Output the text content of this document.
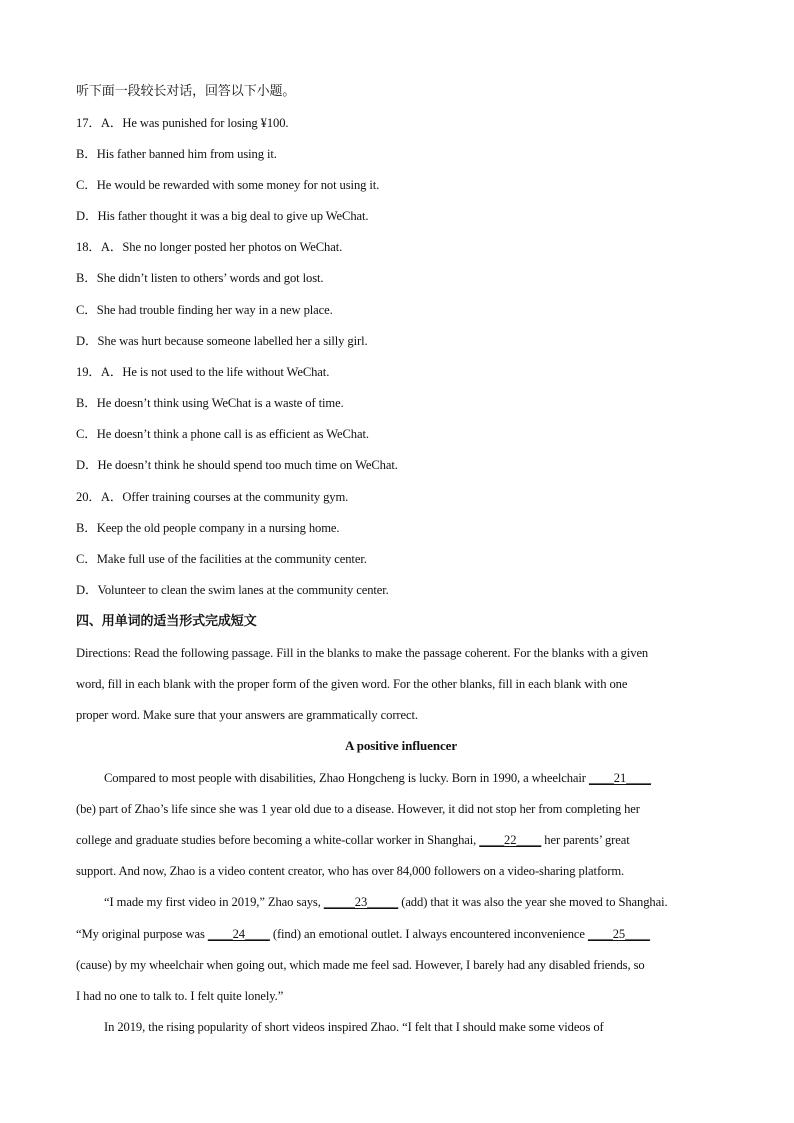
听下面一段较长对话，回答以下小题。
17．A．He was punished for losing ¥100.
B．His father banned him from using it.
C．He would be rewarded with some money for not using it.
D．His father thought it was a big deal to give up WeChat.
18．A．She no longer posted her photos on WeChat.
B．She didn’t listen to others’ words and got lost.
C．She had trouble finding her way in a new place.
D．She was hurt because someone labelled her a silly girl.
19．A．He is not used to the life without WeChat.
B．He doesn’t think using WeChat is a waste of time.
C．He doesn’t think a phone call is as efficient as WeChat.
D．He doesn’t think he should spend too much time on WeChat.
20．A．Offer training courses at the community gym.
B．Keep the old people company in a nursing home.
C．Make full use of the facilities at the community center.
D．Volunteer to clean the swim lanes at the community center.
四、用单词的适当形式完成短文
Directions: Read the following passage. Fill in the blanks to make the passage coherent. For the blanks with a given
word, fill in each blank with the proper form of the given word. For the other blanks, fill in each blank with one
proper word. Make sure that your answers are grammatically correct.
A positive influencer
Compared to most people with disabilities, Zhao Hongcheng is lucky. Born in 1990, a wheelchair ____21____
(be) part of Zhao’s life since she was 1 year old due to a disease. However, it did not stop her from completing her
college and graduate studies before becoming a white-collar worker in Shanghai, ____22____ her parents’ great
support. And now, Zhao is a video content creator, who has over 84,000 followers on a video-sharing platform.
“I made my first video in 2019,” Zhao says, _____23_____ (add) that it was also the year she moved to Shanghai.
“My original purpose was ____24____ (find) an emotional outlet. I always encountered inconvenience ____25____
(cause) by my wheelchair when going out, which made me feel sad. However, I barely had any disabled friends, so
I had no one to talk to. I felt quite lonely.”
In 2019, the rising popularity of short videos inspired Zhao. “I felt that I should make some videos of
